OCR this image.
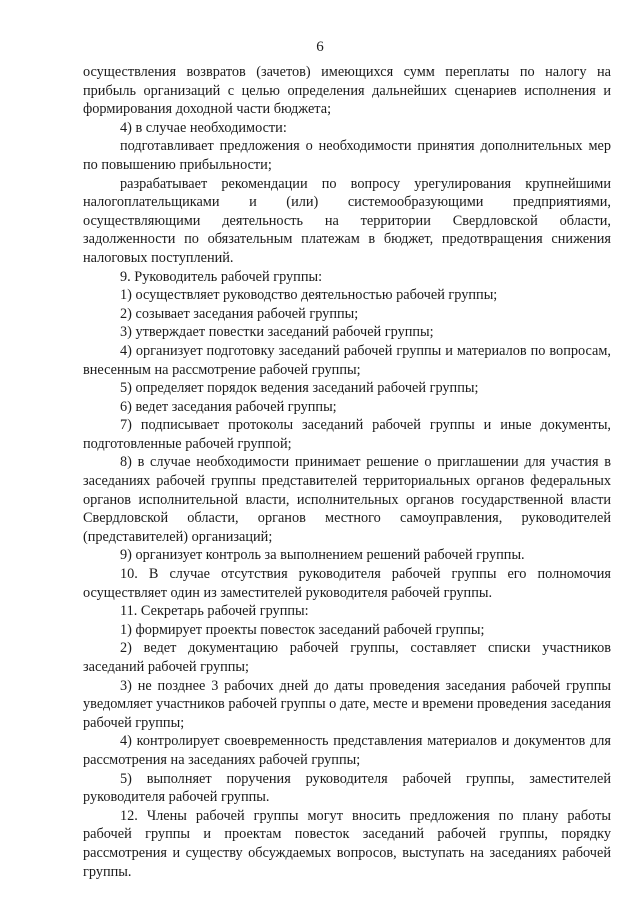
6

осуществления возвратов (зачетов) имеющихся сумм переплаты по налогу на прибыль организаций с целью определения дальнейших сценариев исполнения и формирования доходной части бюджета;

4) в случае необходимости:

подготавливает предложения о необходимости принятия дополнительных мер по повышению прибыльности;

разрабатывает рекомендации по вопросу урегулирования крупнейшими налогоплательщиками и (или) системообразующими предприятиями, осуществляющими деятельность на территории Свердловской области, задолженности по обязательным платежам в бюджет, предотвращения снижения налоговых поступлений.

9. Руководитель рабочей группы:

1) осуществляет руководство деятельностью рабочей группы;

2) созывает заседания рабочей группы;

3) утверждает повестки заседаний рабочей группы;

4) организует подготовку заседаний рабочей группы и материалов по вопросам, внесенным на рассмотрение рабочей группы;

5) определяет порядок ведения заседаний рабочей группы;

6) ведет заседания рабочей группы;

7) подписывает протоколы заседаний рабочей группы и иные документы, подготовленные рабочей группой;

8) в случае необходимости принимает решение о приглашении для участия в заседаниях рабочей группы представителей территориальных органов федеральных органов исполнительной власти, исполнительных органов государственной власти Свердловской области, органов местного самоуправления, руководителей (представителей) организаций;

9) организует контроль за выполнением решений рабочей группы.

10. В случае отсутствия руководителя рабочей группы его полномочия осуществляет один из заместителей руководителя рабочей группы.

11. Секретарь рабочей группы:

1) формирует проекты повесток заседаний рабочей группы;

2) ведет документацию рабочей группы, составляет списки участников заседаний рабочей группы;

3) не позднее 3 рабочих дней до даты проведения заседания рабочей группы уведомляет участников рабочей группы о дате, месте и времени проведения заседания рабочей группы;

4) контролирует своевременность представления материалов и документов для рассмотрения на заседаниях рабочей группы;

5) выполняет поручения руководителя рабочей группы, заместителей руководителя рабочей группы.

12. Члены рабочей группы могут вносить предложения по плану работы рабочей группы и проектам повесток заседаний рабочей группы, порядку рассмотрения и существу обсуждаемых вопросов, выступать на заседаниях рабочей группы.
